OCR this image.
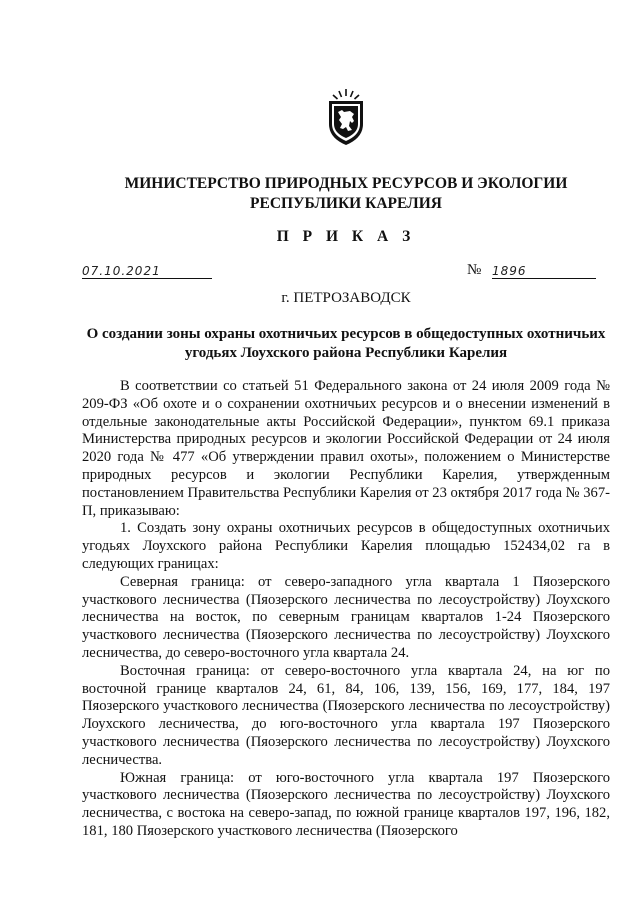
МИНИСТЕРСТВО ПРИРОДНЫХ РЕСУРСОВ И ЭКОЛОГИИ
РЕСПУБЛИКИ КАРЕЛИЯ
П Р И К А З
07.10.2021	№ 1896
г. ПЕТРОЗАВОДСК
О создании зоны охраны охотничьих ресурсов в общедоступных охотничьих
угодьях Лоухского района Республики Карелия

В соответствии со статьей 51 Федерального закона от 24 июля 2009 года № 209-ФЗ «Об охоте и о сохранении охотничьих ресурсов и о внесении изменений в отдельные законодательные акты Российской Федерации», пунктом 69.1 приказа Министерства природных ресурсов и экологии Российской Федерации от 24 июля 2020 года № 477 «Об утверждении правил охоты», положением о Министерстве природных ресурсов и экологии Республики Карелия, утвержденным постановлением Правительства Республики Карелия от 23 октября 2017 года № 367-П, приказываю:

1. Создать зону охраны охотничьих ресурсов в общедоступных охотничьих угодьях Лоухского района Республики Карелия площадью 152434,02 га в следующих границах:

Северная граница: от северо-западного угла квартала 1 Пяозерского участкового лесничества (Пяозерского лесничества по лесоустройству) Лоухского лесничества на восток, по северным границам кварталов 1-24 Пяозерского участкового лесничества (Пяозерского лесничества по лесоустройству) Лоухского лесничества, до северо-восточного угла квартала 24.

Восточная граница: от северо-восточного угла квартала 24, на юг по восточной границе кварталов 24, 61, 84, 106, 139, 156, 169, 177, 184, 197 Пяозерского участкового лесничества (Пяозерского лесничества по лесоустройству) Лоухского лесничества, до юго-восточного угла квартала 197 Пяозерского участкового лесничества (Пяозерского лесничества по лесоустройству) Лоухского лесничества.

Южная граница: от юго-восточного угла квартала 197 Пяозерского участкового лесничества (Пяозерского лесничества по лесоустройству) Лоухского лесничества, с востока на северо-запад, по южной границе кварталов 197, 196, 182, 181, 180 Пяозерского участкового лесничества (Пяозерского
